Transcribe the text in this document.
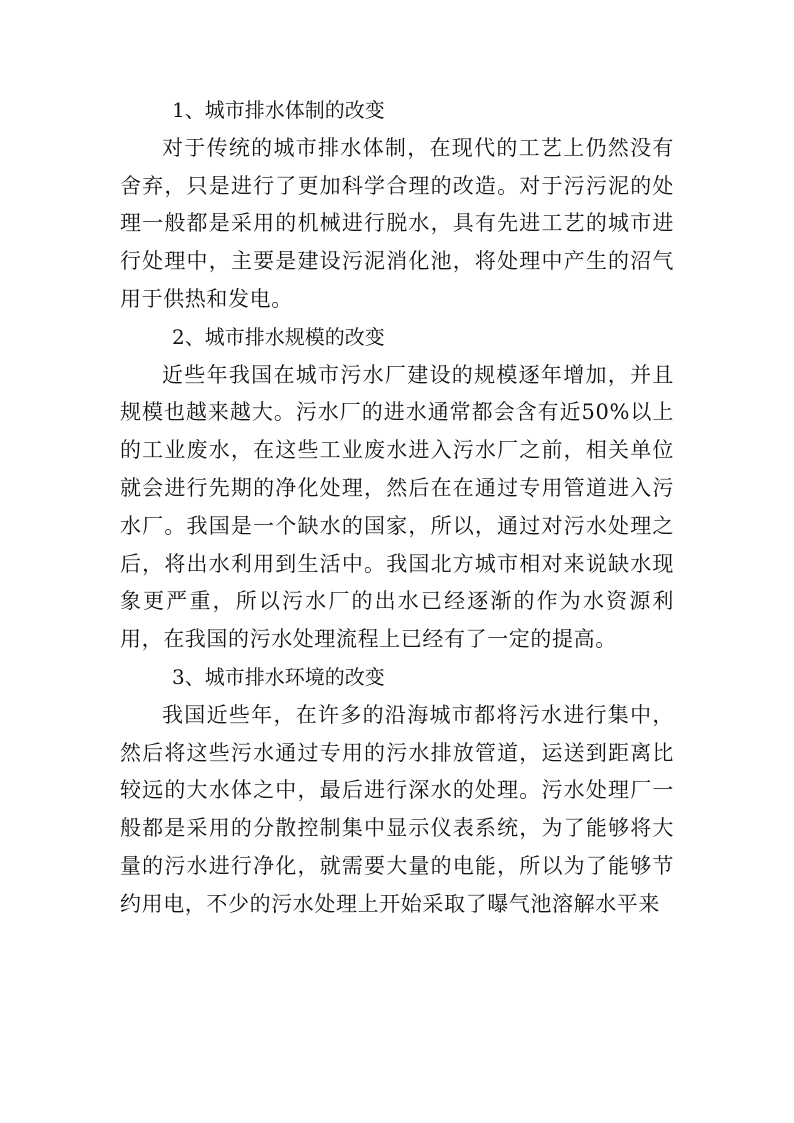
1、城市排水体制的改变

对于传统的城市排水体制，在现代的工艺上仍然没有舍弃，只是进行了更加科学合理的改造。对于污污泥的处理一般都是采用的机械进行脱水，具有先进工艺的城市进行处理中，主要是建设污泥消化池，将处理中产生的沼气用于供热和发电。

2、城市排水规模的改变

近些年我国在城市污水厂建设的规模逐年增加，并且规模也越来越大。污水厂的进水通常都会含有近50%以上的工业废水，在这些工业废水进入污水厂之前，相关单位就会进行先期的净化处理，然后在在通过专用管道进入污水厂。我国是一个缺水的国家，所以，通过对污水处理之后，将出水利用到生活中。我国北方城市相对来说缺水现象更严重，所以污水厂的出水已经逐渐的作为水资源利用，在我国的污水处理流程上已经有了一定的提高。

3、城市排水环境的改变

我国近些年，在许多的沿海城市都将污水进行集中，然后将这些污水通过专用的污水排放管道，运送到距离比较远的大水体之中，最后进行深水的处理。污水处理厂一般都是采用的分散控制集中显示仪表系统，为了能够将大量的污水进行净化，就需要大量的电能，所以为了能够节约用电，不少的污水处理上开始采取了曝气池溶解水平来
